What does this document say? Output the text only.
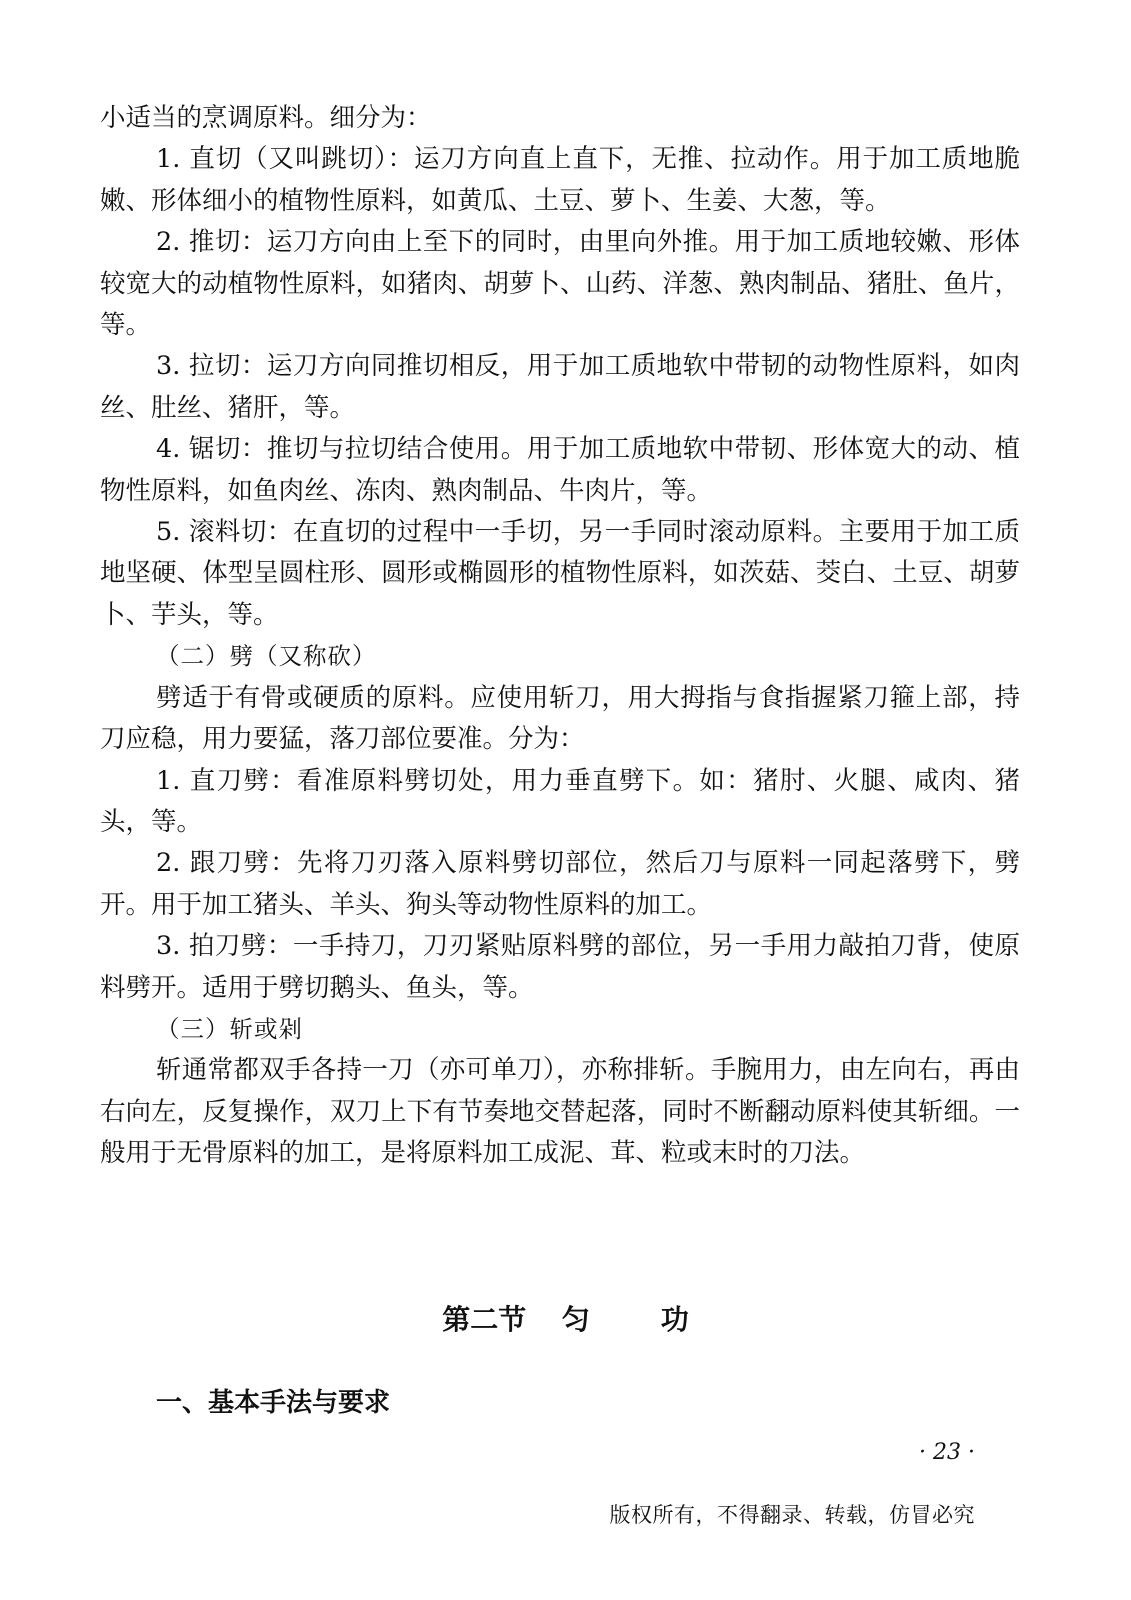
小适当的烹调原料。细分为：

1. 直切（又叫跳切）：运刀方向直上直下，无推、拉动作。用于加工质地脆嫩、形体细小的植物性原料，如黄瓜、土豆、萝卜、生姜、大葱，等。

2. 推切：运刀方向由上至下的同时，由里向外推。用于加工质地较嫩、形体较宽大的动植物性原料，如猪肉、胡萝卜、山药、洋葱、熟肉制品、猪肚、鱼片，等。

3. 拉切：运刀方向同推切相反，用于加工质地软中带韧的动物性原料，如肉丝、肚丝、猪肝，等。

4. 锯切：推切与拉切结合使用。用于加工质地软中带韧、形体宽大的动、植物性原料，如鱼肉丝、冻肉、熟肉制品、牛肉片，等。

5. 滚料切：在直切的过程中一手切，另一手同时滚动原料。主要用于加工质地坚硬、体型呈圆柱形、圆形或椭圆形的植物性原料，如茨菇、茭白、土豆、胡萝卜、芋头，等。

（二）劈（又称砍）

劈适于有骨或硬质的原料。应使用斩刀，用大拇指与食指握紧刀箍上部，持刀应稳，用力要猛，落刀部位要准。分为：

1. 直刀劈：看准原料劈切处，用力垂直劈下。如：猪肘、火腿、咸肉、猪头，等。

2. 跟刀劈：先将刀刃落入原料劈切部位，然后刀与原料一同起落劈下，劈开。用于加工猪头、羊头、狗头等动物性原料的加工。

3. 拍刀劈：一手持刀，刀刃紧贴原料劈的部位，另一手用力敲拍刀背，使原料劈开。适用于劈切鹅头、鱼头，等。

（三）斩或剁

斩通常都双手各持一刀（亦可单刀），亦称排斩。手腕用力，由左向右，再由右向左，反复操作，双刀上下有节奏地交替起落，同时不断翻动原料使其斩细。一般用于无骨原料的加工，是将原料加工成泥、茸、粒或末时的刀法。

第二节  匀    功
一、基本手法与要求
· 23 ·
版权所有，不得翻录、转载，仿冒必究
